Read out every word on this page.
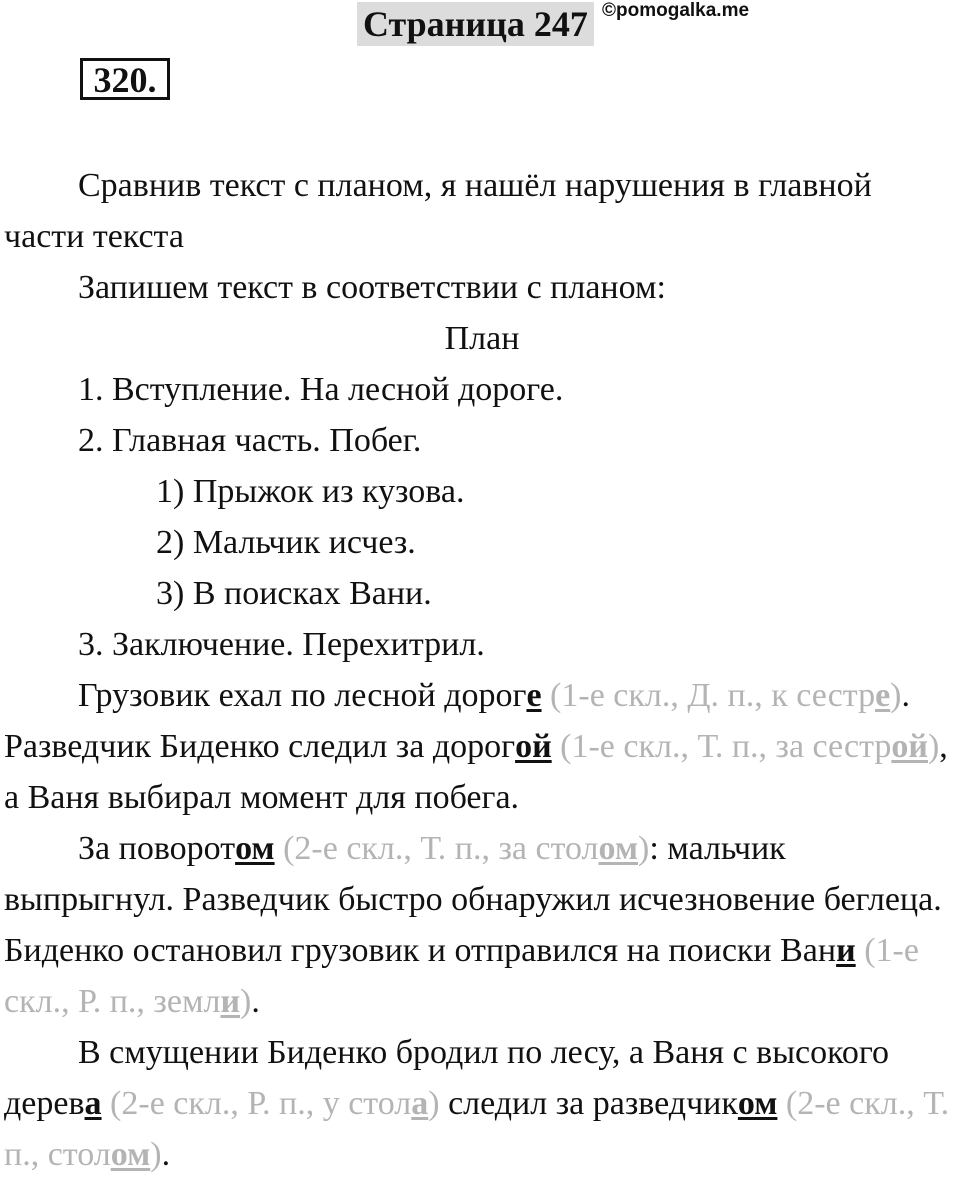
Страница 247 ©pomogalka.me
320.

Сравнив текст с планом, я нашёл нарушения в главной части текста

Запишем текст в соответствии с планом:

План

1. Вступление. На лесной дороге.

2. Главная часть. Побег.

1) Прыжок из кузова.

2) Мальчик исчез.

3) В поисках Вани.

3. Заключение. Перехитрил.

Грузовик ехал по лесной дороге (1-е скл., Д. п., к сестре). Разведчик Биденко следил за дорогой (1-е скл., Т. п., за сестрой), а Ваня выбирал момент для побега.

За поворотом (2-е скл., Т. п., за столом): мальчик выпрыгнул. Разведчик быстро обнаружил исчезновение беглеца. Биденко остановил грузовик и отправился на поиски Вани (1-е скл., Р. п., земли).

В смущении Биденко бродил по лесу, а Ваня с высокого дерева (2-е скл., Р. п., у стола) следил за разведчиком (2-е скл., Т. п., столом).
